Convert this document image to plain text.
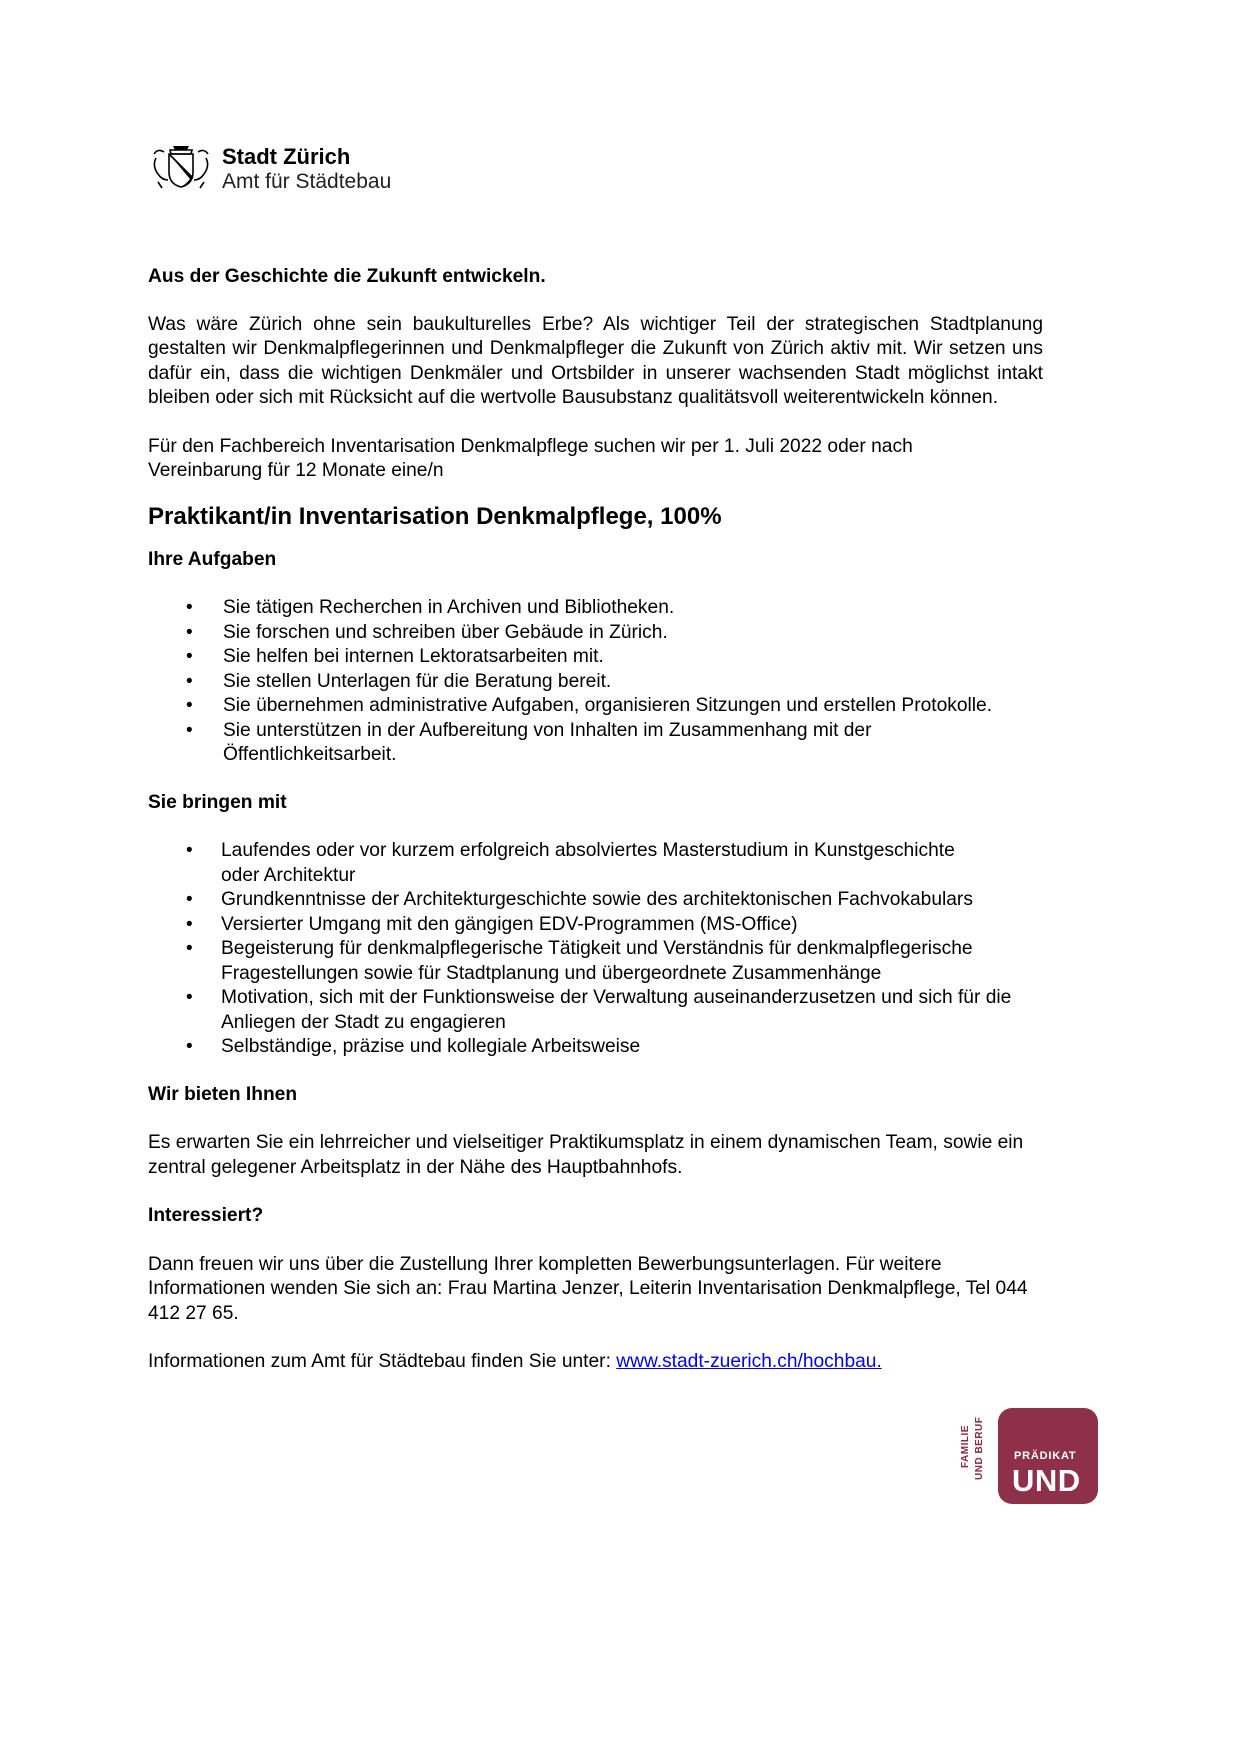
Stadt Zürich
Amt für Städtebau

Aus der Geschichte die Zukunft entwickeln.

Was wäre Zürich ohne sein baukulturelles Erbe? Als wichtiger Teil der strategischen Stadtplanung gestalten wir Denkmalpflegerinnen und Denkmalpfleger die Zukunft von Zürich aktiv mit. Wir setzen uns dafür ein, dass die wichtigen Denkmäler und Ortsbilder in unserer wachsenden Stadt möglichst intakt bleiben oder sich mit Rücksicht auf die wertvolle Bausubstanz qualitätsvoll weiterentwickeln können.

Für den Fachbereich Inventarisation Denkmalpflege suchen wir per 1. Juli 2022 oder nach

Vereinbarung für 12 Monate eine/n

Praktikant/in Inventarisation Denkmalpflege, 100%

Ihre Aufgaben

• Sie tätigen Recherchen in Archiven und Bibliotheken.
• Sie forschen und schreiben über Gebäude in Zürich.
• Sie helfen bei internen Lektoratsarbeiten mit.
• Sie stellen Unterlagen für die Beratung bereit.
• Sie übernehmen administrative Aufgaben, organisieren Sitzungen und erstellen Protokolle.
• Sie unterstützen in der Aufbereitung von Inhalten im Zusammenhang mit der Öffentlichkeitsarbeit.

Sie bringen mit

• Laufendes oder vor kurzem erfolgreich absolviertes Masterstudium in Kunstgeschichte oder Architektur
• Grundkenntnisse der Architekturgeschichte sowie des architektonischen Fachvokabulars
• Versierter Umgang mit den gängigen EDV-Programmen (MS-Office)
• Begeisterung für denkmalpflegerische Tätigkeit und Verständnis für denkmalpflegerische Fragestellungen sowie für Stadtplanung und übergeordnete Zusammenhänge
• Motivation, sich mit der Funktionsweise der Verwaltung auseinanderzusetzen und sich für die Anliegen der Stadt zu engagieren
• Selbständige, präzise und kollegiale Arbeitsweise

Wir bieten Ihnen

Es erwarten Sie ein lehrreicher und vielseitiger Praktikumsplatz in einem dynamischen Team, sowie ein

zentral gelegener Arbeitsplatz in der Nähe des Hauptbahnhofs.

Interessiert?

Dann freuen wir uns über die Zustellung Ihrer kompletten Bewerbungsunterlagen. Für weitere

Informationen wenden Sie sich an: Frau Martina Jenzer, Leiterin Inventarisation Denkmalpflege, Tel 044

412 27 65.

Informationen zum Amt für Städtebau finden Sie unter: www.stadt-zuerich.ch/hochbau.

FAMILIE UND BERUF	PRÄDIKAT
UND
